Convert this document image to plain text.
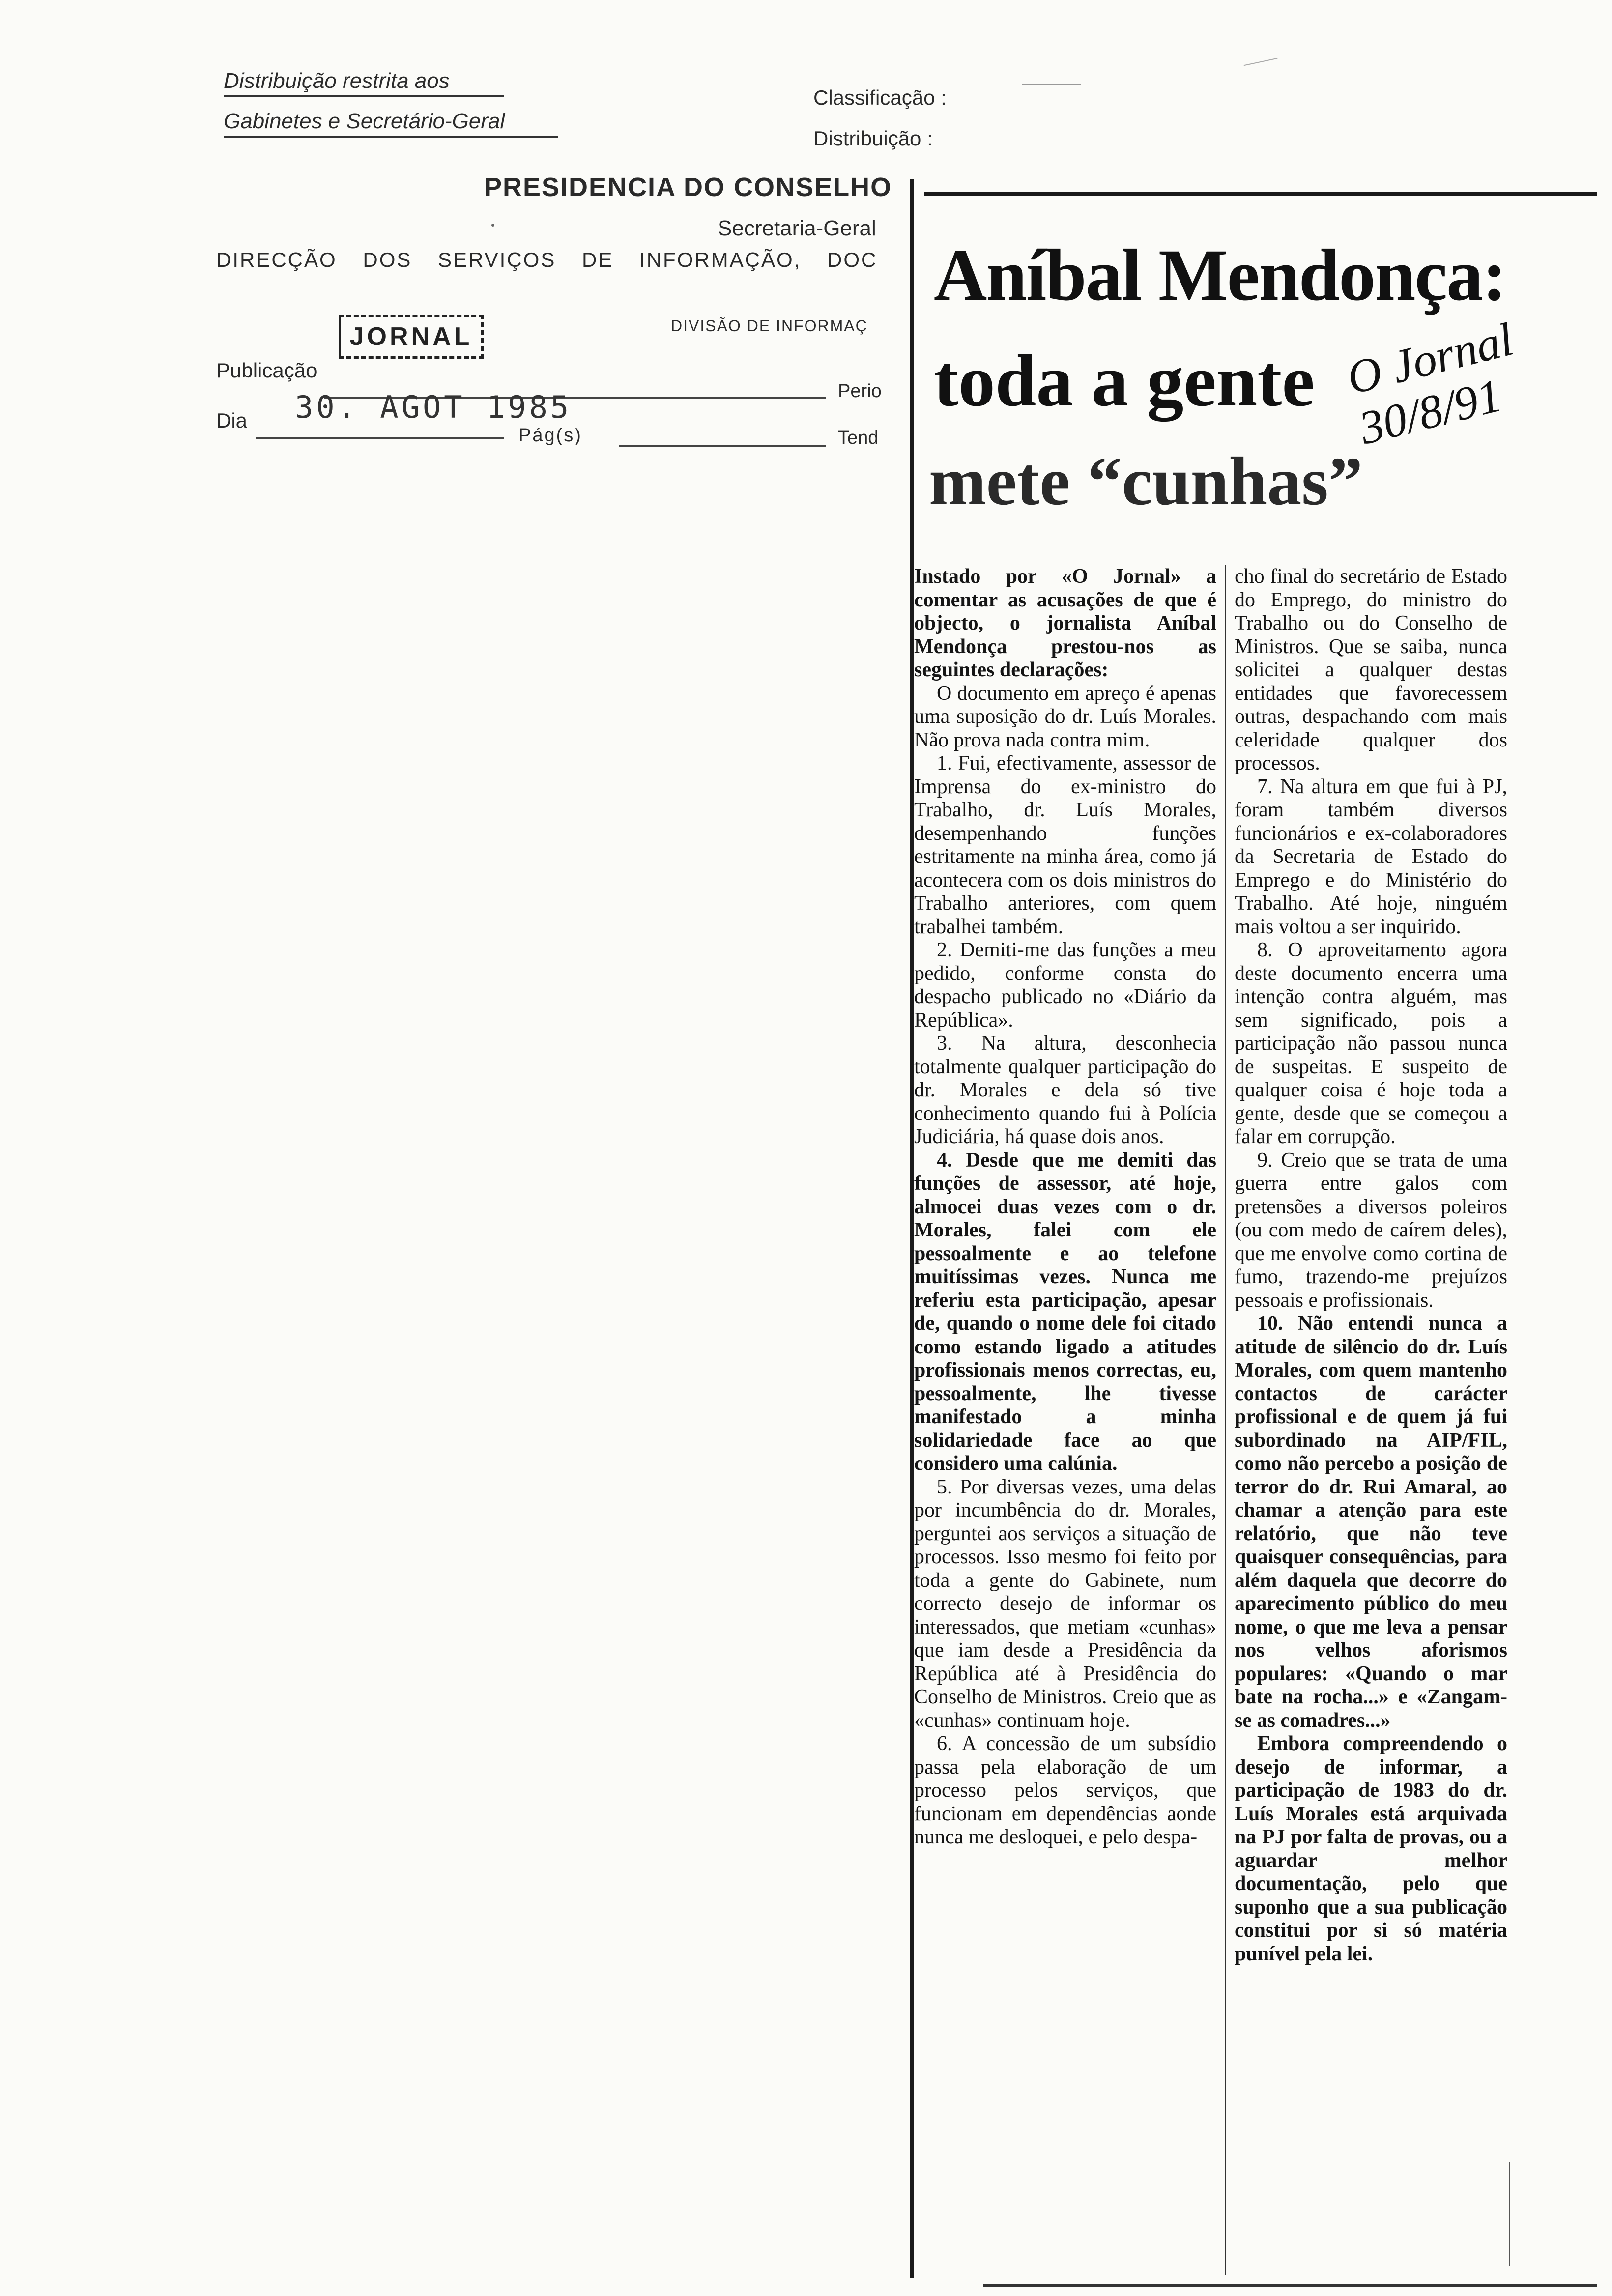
Distribuição restrita aos
Gabinetes e Secretário-Geral
Classificação :
Distribuição :
PRESIDENCIA DO CONSELHO
Secretaria-Geral
DIRECÇÃO DOS SERVIÇOS DE INFORMAÇÃO, DOC
DIVISÃO DE INFORMAÇ
JORNAL
Publicação
Perio
Dia 30. AGOT 1985
Pág(s)	Tend
Aníbal Mendonça:
toda a gente
mete “cunhas”
O Jornal 30/8/91

Instado por «O Jornal» a comentar as acusações de que é objecto, o jornalista Aníbal Mendonça prestou-nos as seguintes declarações:

O documento em apreço é apenas uma suposição do dr. Luís Morales. Não prova nada contra mim.

1. Fui, efectivamente, assessor de Imprensa do ex-ministro do Trabalho, dr. Luís Morales, desempenhando funções estritamente na minha área, como já acontecera com os dois ministros do Trabalho anteriores, com quem trabalhei também.

2. Demiti-me das funções a meu pedido, conforme consta do despacho publicado no «Diário da República».

3. Na altura, desconhecia totalmente qualquer participação do dr. Morales e dela só tive conhecimento quando fui à Polícia Judiciária, há quase dois anos.

4. Desde que me demiti das funções de assessor, até hoje, almocei duas vezes com o dr. Morales, falei com ele pessoalmente e ao telefone muitíssimas vezes. Nunca me referiu esta participação, apesar de, quando o nome dele foi citado como estando ligado a atitudes profissionais menos correctas, eu, pessoalmente, lhe tivesse manifestado a minha solidariedade face ao que considero uma calúnia.

5. Por diversas vezes, uma delas por incumbência do dr. Morales, perguntei aos serviços a situação de processos. Isso mesmo foi feito por toda a gente do Gabinete, num correcto desejo de informar os interessados, que metiam «cunhas» que iam desde a Presidência da República até à Presidência do Conselho de Ministros. Creio que as «cunhas» continuam hoje.

6. A concessão de um subsídio passa pela elaboração de um processo pelos serviços, que funcionam em dependências aonde nunca me desloquei, e pelo despa-

cho final do secretário de Estado do Emprego, do ministro do Trabalho ou do Conselho de Ministros. Que se saiba, nunca solicitei a qualquer destas entidades que favorecessem outras, despachando com mais celeridade qualquer dos processos.

7. Na altura em que fui à PJ, foram também diversos funcionários e ex-colaboradores da Secretaria de Estado do Emprego e do Ministério do Trabalho. Até hoje, ninguém mais voltou a ser inquirido.

8. O aproveitamento agora deste documento encerra uma intenção contra alguém, mas sem significado, pois a participação não passou nunca de suspeitas. E suspeito de qualquer coisa é hoje toda a gente, desde que se começou a falar em corrupção.

9. Creio que se trata de uma guerra entre galos com pretensões a diversos poleiros (ou com medo de caírem deles), que me envolve como cortina de fumo, trazendo-me prejuízos pessoais e profissionais.

10. Não entendi nunca a atitude de silêncio do dr. Luís Morales, com quem mantenho contactos de carácter profissional e de quem já fui subordinado na AIP/FIL, como não percebo a posição de terror do dr. Rui Amaral, ao chamar a atenção para este relatório, que não teve quaisquer consequências, para além daquela que decorre do aparecimento público do meu nome, o que me leva a pensar nos velhos aforismos populares: «Quando o mar bate na rocha...» e «Zangam-se as comadres...»

Embora compreendendo o desejo de informar, a participação de 1983 do dr. Luís Morales está arquivada na PJ por falta de provas, ou a aguardar melhor documentação, pelo que suponho que a sua publicação constitui por si só matéria punível pela lei.
